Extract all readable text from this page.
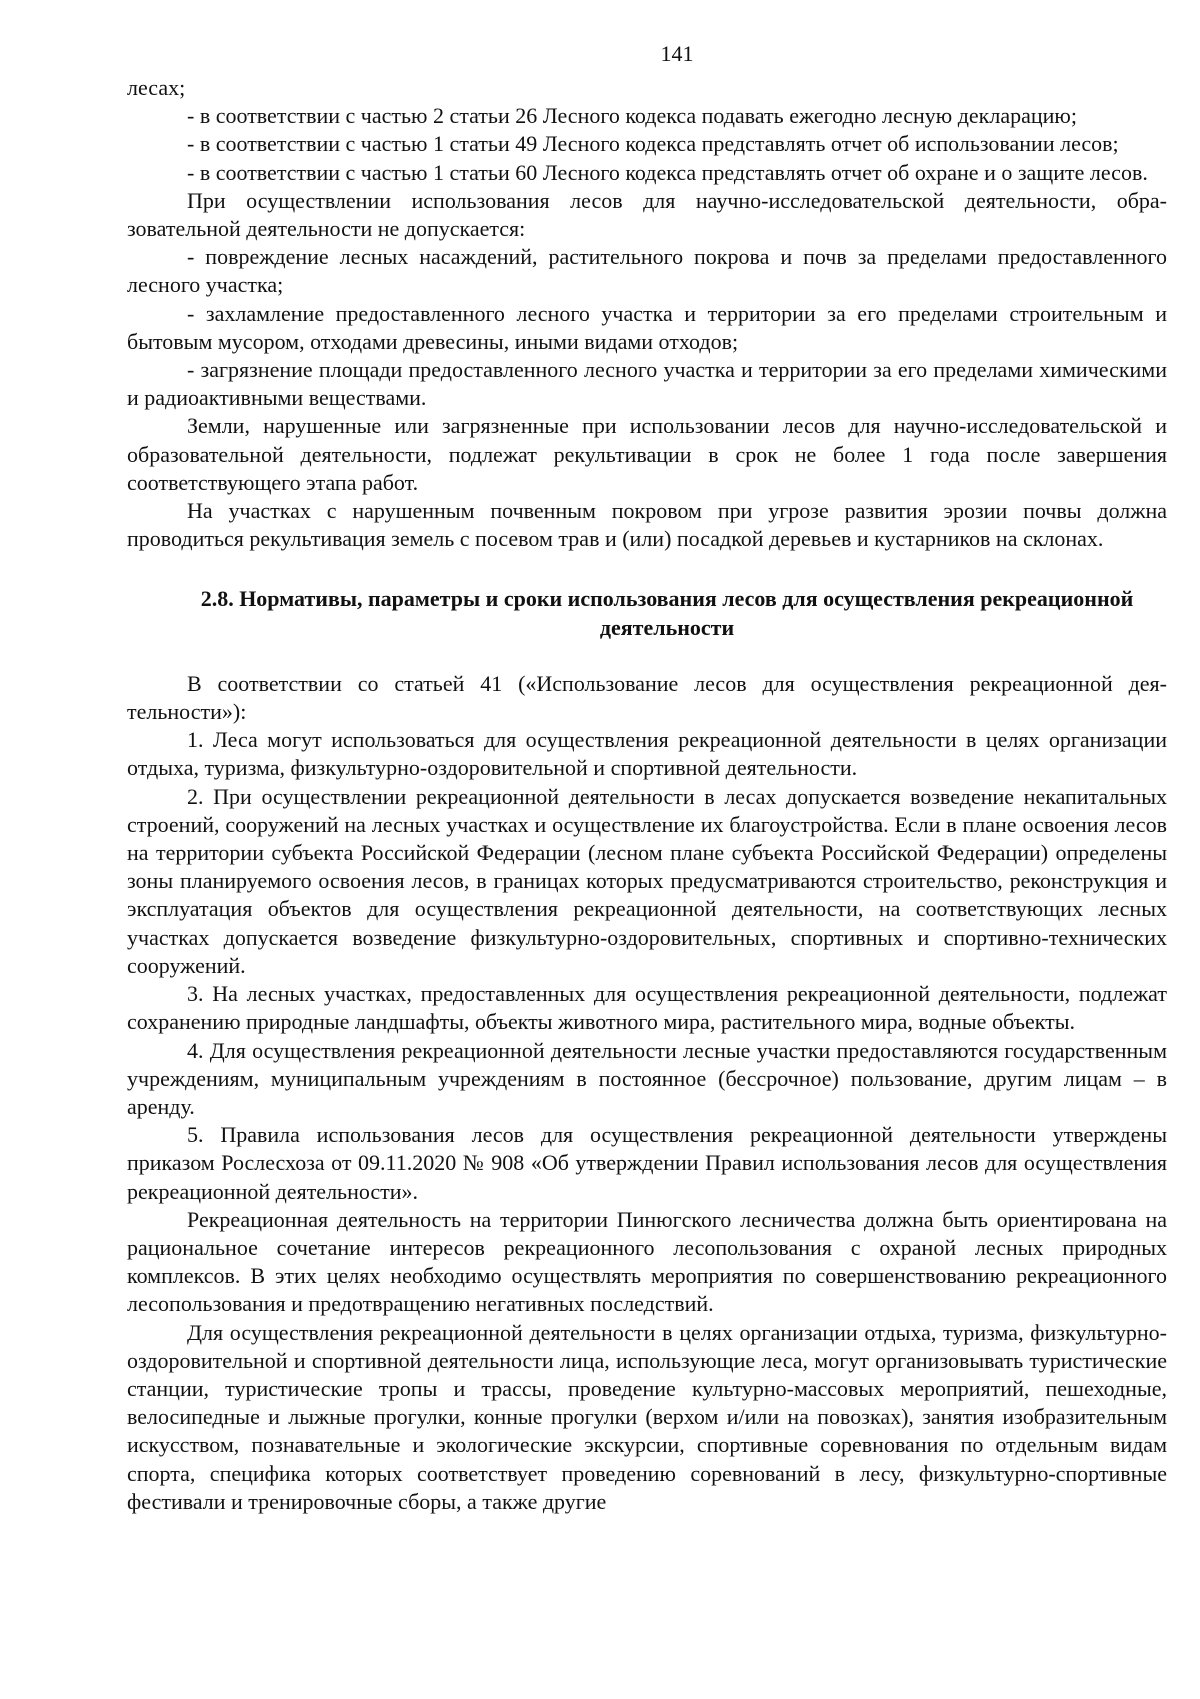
141

лесах;

- в соответствии с частью 2 статьи 26 Лесного кодекса подавать ежегодно лесную декларацию;

- в соответствии с частью 1 статьи 49 Лесного кодекса представлять отчет об использовании лесов;

- в соответствии с частью 1 статьи 60 Лесного кодекса представлять отчет об охране и о защите лесов.

При осуществлении использования лесов для научно-исследовательской деятельности, образовательной деятельности не допускается:

- повреждение лесных насаждений, растительного покрова и почв за пределами предоставленного лесного участка;

- захламление предоставленного лесного участка и территории за его пределами строительным и бытовым мусором, отходами древесины, иными видами отходов;

- загрязнение площади предоставленного лесного участка и территории за его пределами химическими и радиоактивными веществами.

Земли, нарушенные или загрязненные при использовании лесов для научно-исследовательской и образовательной деятельности, подлежат рекультивации в срок не более 1 года после завершения соответствующего этапа работ.

На участках с нарушенным почвенным покровом при угрозе развития эрозии почвы должна проводиться рекультивация земель с посевом трав и (или) посадкой деревьев и кустарников на склонах.

2.8. Нормативы, параметры и сроки использования лесов для осуществления рекреационной деятельности

В соответствии со статьей 41 («Использование лесов для осуществления рекреационной деятельности»):

1. Леса могут использоваться для осуществления рекреационной деятельности в целях организации отдыха, туризма, физкультурно-оздоровительной и спортивной деятельности.

2. При осуществлении рекреационной деятельности в лесах допускается возведение некапитальных строений, сооружений на лесных участках и осуществление их благоустройства. Если в плане освоения лесов на территории субъекта Российской Федерации (лесном плане субъекта Российской Федерации) определены зоны планируемого освоения лесов, в границах которых предусматриваются строительство, реконструкция и эксплуатация объектов для осуществления рекреационной деятельности, на соответствующих лесных участках допускается возведение физкультурно-оздоровительных, спортивных и спортивно-технических сооружений.

3. На лесных участках, предоставленных для осуществления рекреационной деятельности, подлежат сохранению природные ландшафты, объекты животного мира, растительного мира, водные объекты.

4. Для осуществления рекреационной деятельности лесные участки предоставляются государственным учреждениям, муниципальным учреждениям в постоянное (бессрочное) пользование, другим лицам – в аренду.

5. Правила использования лесов для осуществления рекреационной деятельности утверждены приказом Рослесхоза от 09.11.2020 № 908 «Об утверждении Правил использования лесов для осуществления рекреационной деятельности».

Рекреационная деятельность на территории Пинюгского лесничества должна быть ориентирована на рациональное сочетание интересов рекреационного лесопользования с охраной лесных природных комплексов. В этих целях необходимо осуществлять мероприятия по совершенствованию рекреационного лесопользования и предотвращению негативных последствий.

Для осуществления рекреационной деятельности в целях организации отдыха, туризма, физкультурно-оздоровительной и спортивной деятельности лица, использующие леса, могут организовывать туристические станции, туристические тропы и трассы, проведение культурно-массовых мероприятий, пешеходные, велосипедные и лыжные прогулки, конные прогулки (верхом и/или на повозках), занятия изобразительным искусством, познавательные и экологические экскурсии, спортивные соревнования по отдельным видам спорта, специфика которых соответствует проведению соревнований в лесу, физкультурно-спортивные фестивали и тренировочные сборы, а также другие
